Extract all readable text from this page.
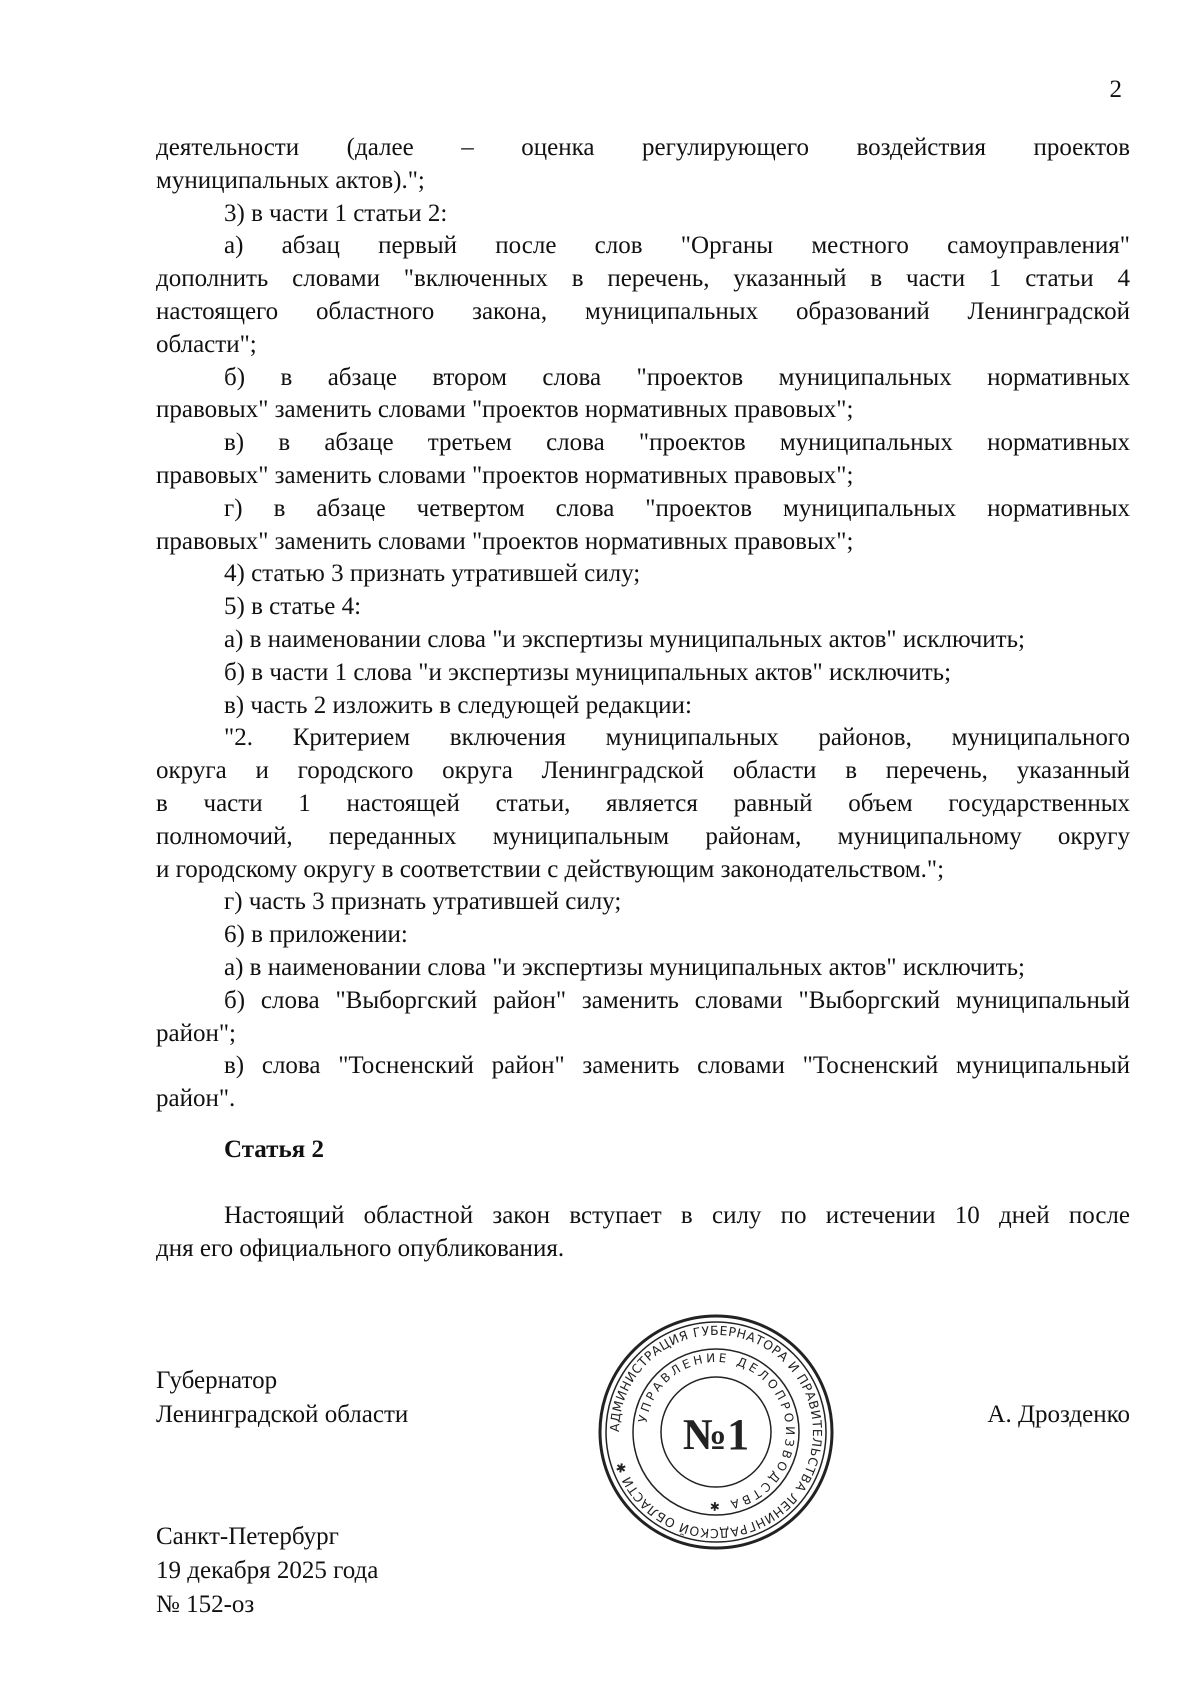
2
деятельности (далее – оценка регулирующего воздействия проектов
муниципальных актов).";
3) в части 1 статьи 2:
а) абзац первый после слов "Органы местного самоуправления"
дополнить словами "включенных в перечень, указанный в части 1 статьи 4
настоящего областного закона, муниципальных образований Ленинградской
области";
б) в абзаце втором слова "проектов муниципальных нормативных
правовых" заменить словами "проектов нормативных правовых";
в) в абзаце третьем слова "проектов муниципальных нормативных
правовых" заменить словами "проектов нормативных правовых";
г) в абзаце четвертом слова "проектов муниципальных нормативных
правовых" заменить словами "проектов нормативных правовых";
4) статью 3 признать утратившей силу;
5) в статье 4:
а) в наименовании слова "и экспертизы муниципальных актов" исключить;
б) в части 1 слова "и экспертизы муниципальных актов" исключить;
в) часть 2 изложить в следующей редакции:
"2. Критерием включения муниципальных районов, муниципального
округа и городского округа Ленинградской области в перечень, указанный
в части 1 настоящей статьи, является равный объем государственных
полномочий, переданных муниципальным районам, муниципальному округу
и городскому округу в соответствии с действующим законодательством.";
г) часть 3 признать утратившей силу;
6) в приложении:
а) в наименовании слова "и экспертизы муниципальных актов" исключить;
б) слова "Выборгский район" заменить словами "Выборгский муниципальный
район";
в) слова "Тосненский район" заменить словами "Тосненский муниципальный
район".
Статья 2
Настоящий областной закон вступает в силу по истечении 10 дней после
дня его официального опубликования.
Губернатор
Ленинградской области	А. Дрозденко
АДМИНИСТРАЦИЯ ГУБЕРНАТОРА И ПРАВИТЕЛЬСТВА ЛЕНИНГРАДСКОЙ ОБЛАСТИ ✱
УПРАВЛЕНИЕ ДЕЛОПРОИЗВОДСТВА ✱
№1
Санкт-Петербург
19 декабря 2025 года
№ 152-оз
